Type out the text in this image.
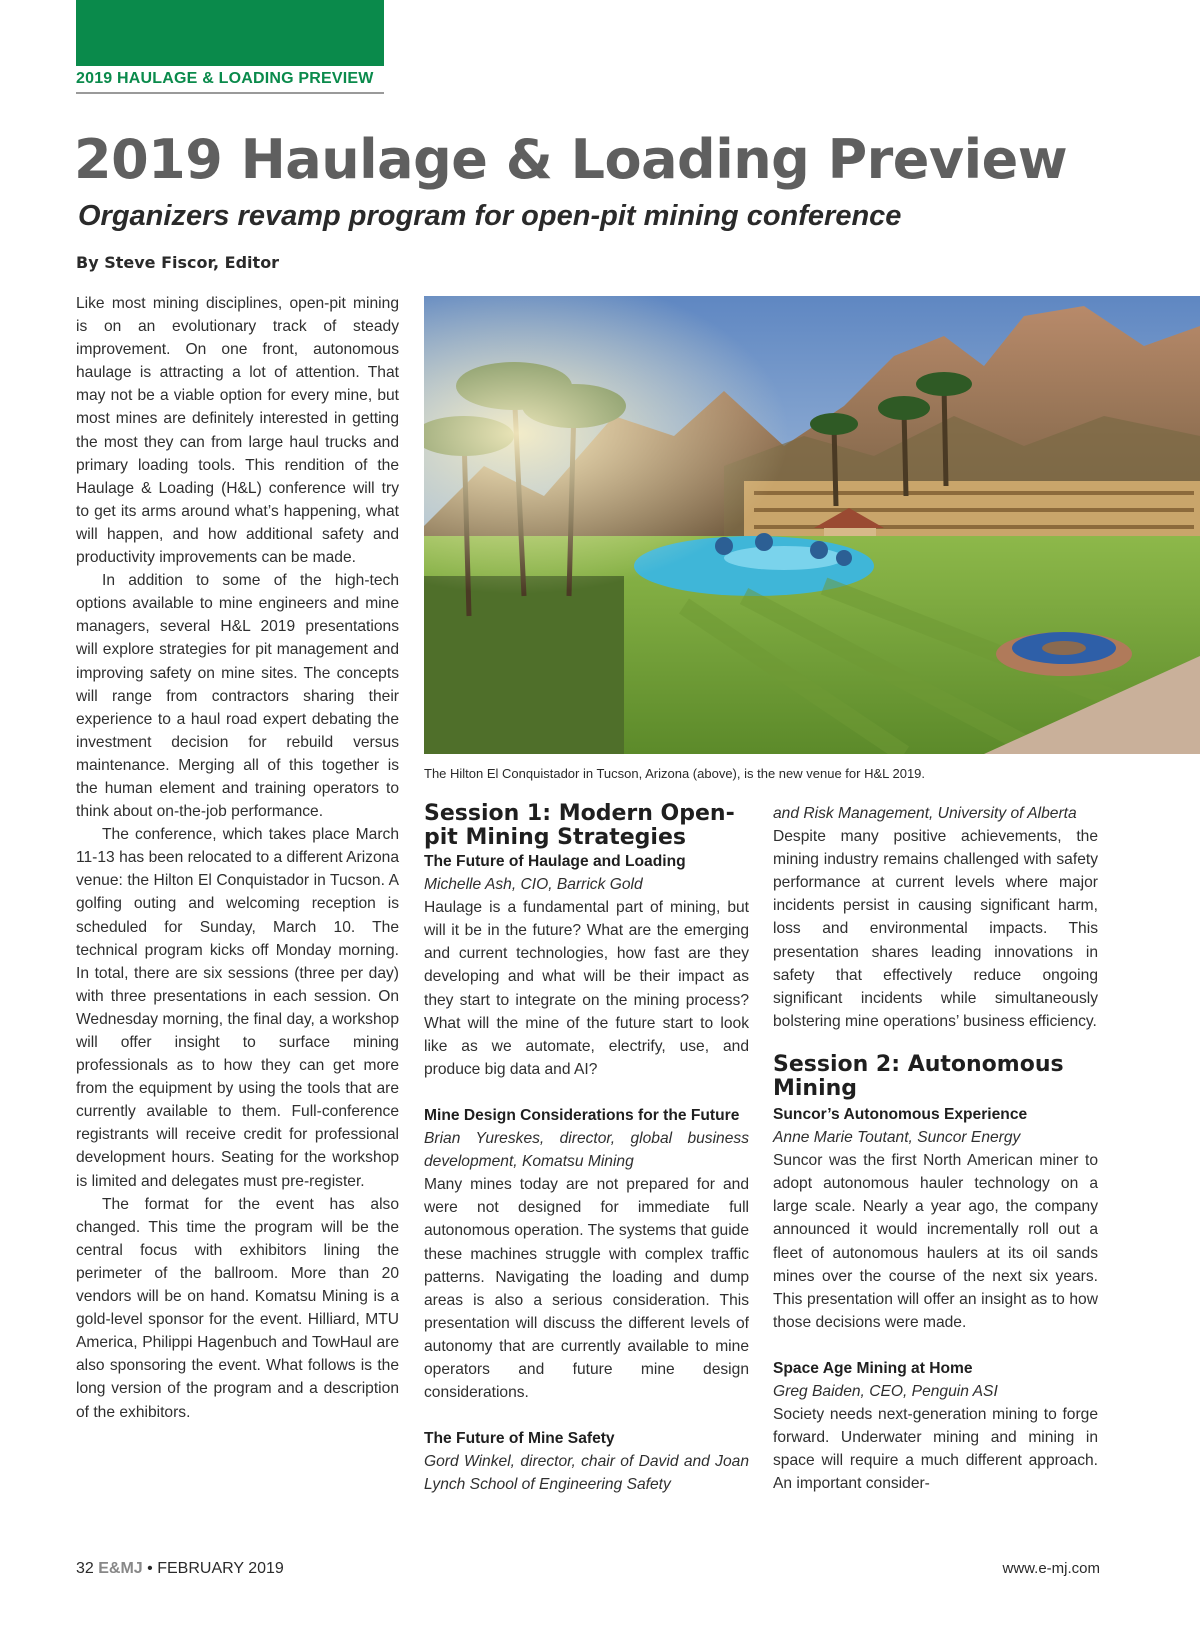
2019 HAULAGE & LOADING PREVIEW
2019 Haulage & Loading Preview
Organizers revamp program for open-pit mining conference
By Steve Fiscor, Editor

Like most mining disciplines, open-pit mining is on an evolutionary track of steady improvement. On one front, autonomous haulage is attracting a lot of attention. That may not be a viable option for every mine, but most mines are definitely interested in getting the most they can from large haul trucks and primary loading tools. This rendition of the Haulage & Loading (H&L) conference will try to get its arms around what’s happening, what will happen, and how additional safety and productivity improvements can be made.

In addition to some of the high-tech options available to mine engineers and mine managers, several H&L 2019 presentations will explore strategies for pit management and improving safety on mine sites. The concepts will range from contractors sharing their experience to a haul road expert debating the investment decision for rebuild versus maintenance. Merging all of this together is the human element and training operators to think about on-the-job performance.

The conference, which takes place March 11-13 has been relocated to a different Arizona venue: the Hilton El Conquistador in Tucson. A golfing outing and welcoming reception is scheduled for Sunday, March 10. The technical program kicks off Monday morning. In total, there are six sessions (three per day) with three presentations in each session. On Wednesday morning, the final day, a workshop will offer insight to surface mining professionals as to how they can get more from the equipment by using the tools that are currently available to them. Full-conference registrants will receive credit for professional development hours. Seating for the workshop is limited and delegates must pre-register.

The format for the event has also changed. This time the program will be the central focus with exhibitors lining the perimeter of the ballroom. More than 20 vendors will be on hand. Komatsu Mining is a gold-level sponsor for the event. Hilliard, MTU America, Philippi Hagenbuch and TowHaul are also sponsoring the event. What follows is the long version of the program and a description of the exhibitors.

The Hilton El Conquistador in Tucson, Arizona (above), is the new venue for H&L 2019.
Session 1: Modern Open-pit Mining Strategies

The Future of Haulage and Loading

Michelle Ash, CIO, Barrick Gold

Haulage is a fundamental part of mining, but will it be in the future? What are the emerging and current technologies, how fast are they developing and what will be their impact as they start to integrate on the mining process? What will the mine of the future start to look like as we automate, electrify, use, and produce big data and AI?

Mine Design Considerations for the Future

Brian Yureskes, director, global business development, Komatsu Mining

Many mines today are not prepared for and were not designed for immediate full autonomous operation. The systems that guide these machines struggle with complex traffic patterns. Navigating the loading and dump areas is also a serious consideration. This presentation will discuss the different levels of autonomy that are currently available to mine operators and future mine design considerations.

The Future of Mine Safety

Gord Winkel, director, chair of David and Joan Lynch School of Engineering Safety

and Risk Management, University of Alberta

Despite many positive achievements, the mining industry remains challenged with safety performance at current levels where major incidents persist in causing significant harm, loss and environmental impacts. This presentation shares leading innovations in safety that effectively reduce ongoing significant incidents while simultaneously bolstering mine operations’ business efficiency.

Session 2: Autonomous Mining

Suncor’s Autonomous Experience

Anne Marie Toutant, Suncor Energy

Suncor was the first North American miner to adopt autonomous hauler technology on a large scale. Nearly a year ago, the company announced it would incrementally roll out a fleet of autonomous haulers at its oil sands mines over the course of the next six years. This presentation will offer an insight as to how those decisions were made.

Space Age Mining at Home

Greg Baiden, CEO, Penguin ASI

Society needs next-generation mining to forge forward. Underwater mining and mining in space will require a much different approach. An important consider-

32 E&MJ • FEBRUARY 2019	www.e-mj.com
